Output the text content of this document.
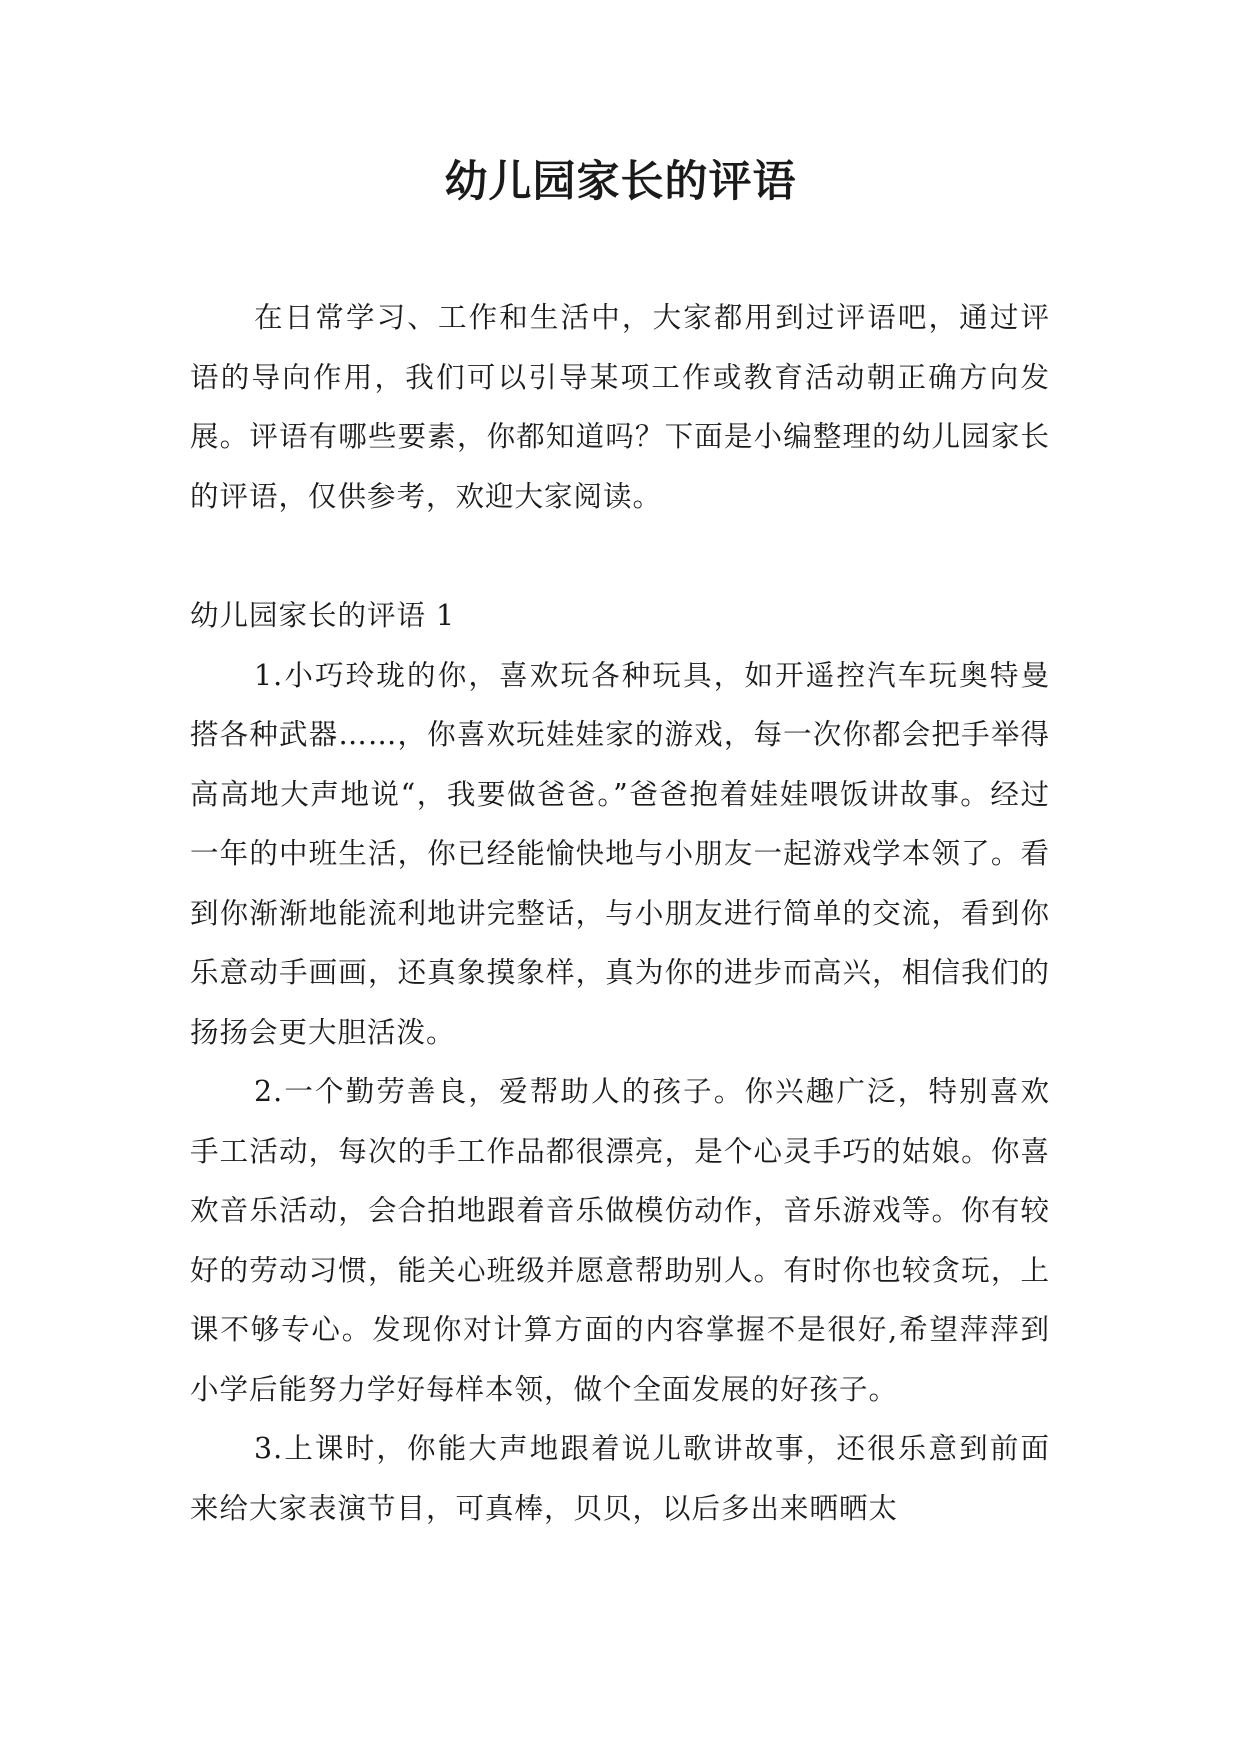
幼儿园家长的评语

在日常学习、工作和生活中，大家都用到过评语吧，通过评语的导向作用，我们可以引导某项工作或教育活动朝正确方向发展。评语有哪些要素，你都知道吗？下面是小编整理的幼儿园家长的评语，仅供参考，欢迎大家阅读。

幼儿园家长的评语 1

1.小巧玲珑的你，喜欢玩各种玩具，如开遥控汽车玩奥特曼搭各种武器……，你喜欢玩娃娃家的游戏，每一次你都会把手举得高高地大声地说“，我要做爸爸。”爸爸抱着娃娃喂饭讲故事。经过一年的中班生活，你已经能愉快地与小朋友一起游戏学本领了。看到你渐渐地能流利地讲完整话，与小朋友进行简单的交流，看到你乐意动手画画，还真象摸象样，真为你的进步而高兴，相信我们的扬扬会更大胆活泼。

2.一个勤劳善良，爱帮助人的孩子。你兴趣广泛，特别喜欢手工活动，每次的手工作品都很漂亮，是个心灵手巧的姑娘。你喜欢音乐活动，会合拍地跟着音乐做模仿动作，音乐游戏等。你有较好的劳动习惯，能关心班级并愿意帮助别人。有时你也较贪玩，上课不够专心。发现你对计算方面的内容掌握不是很好,希望萍萍到小学后能努力学好每样本领，做个全面发展的好孩子。

3.上课时，你能大声地跟着说儿歌讲故事，还很乐意到前面来给大家表演节目，可真棒，贝贝，以后多出来晒晒太
